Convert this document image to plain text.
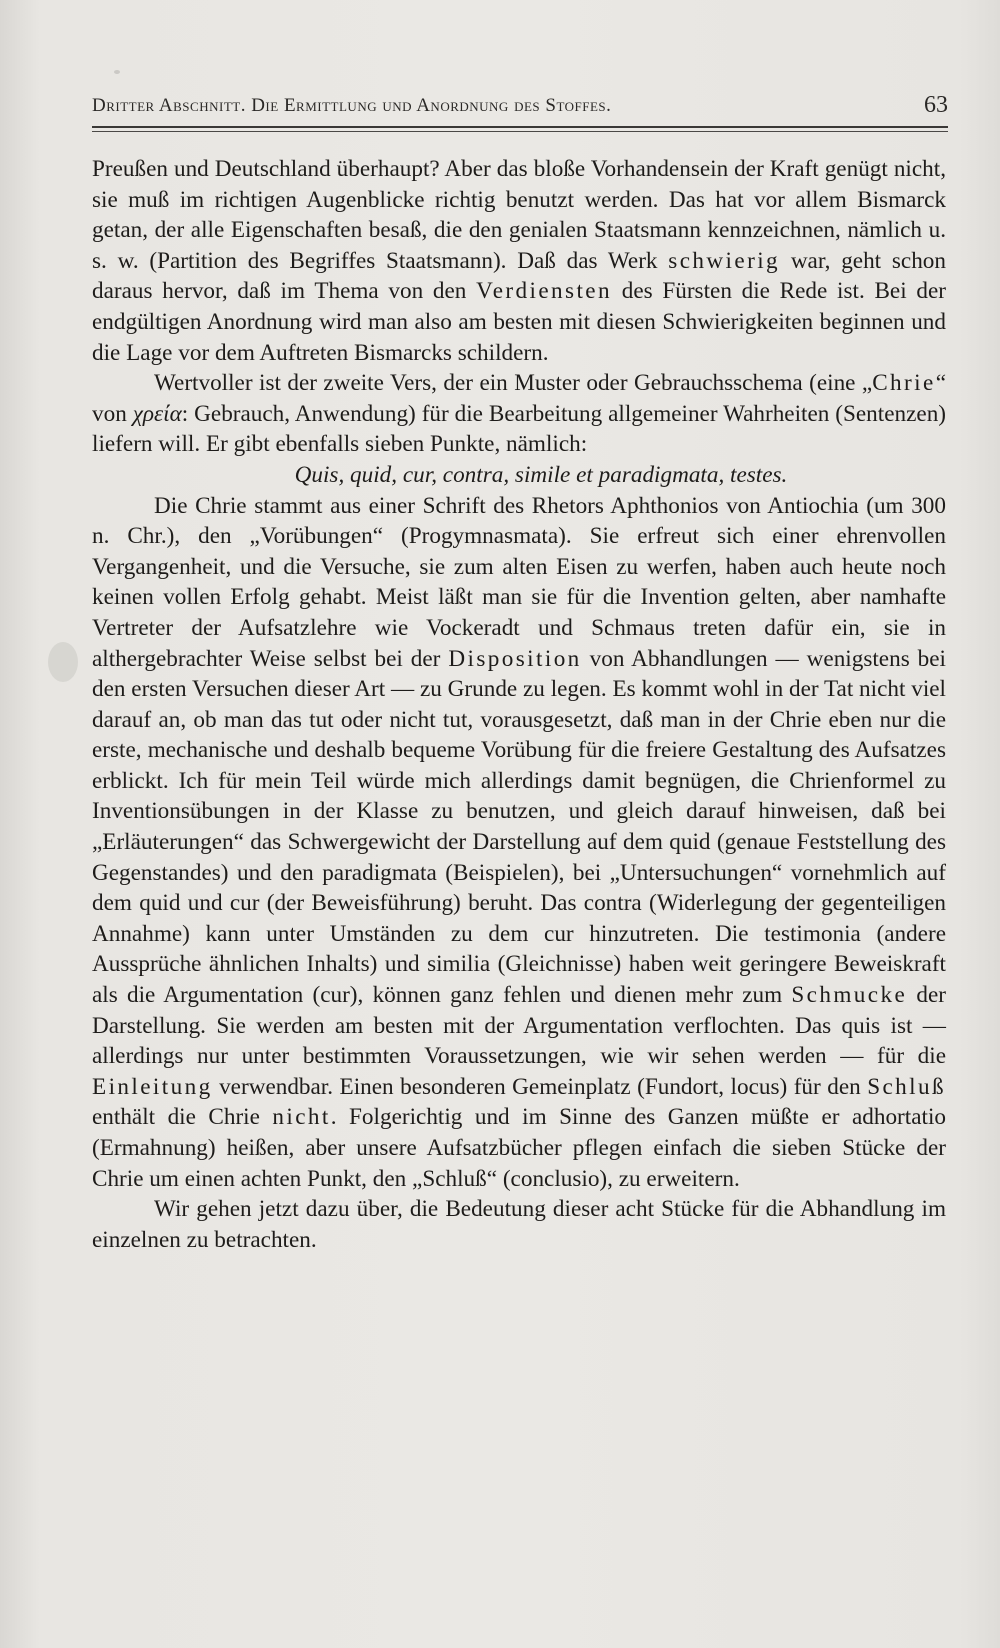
Dritter Abschnitt. Die Ermittlung und Anordnung des Stoffes.	63

Preußen und Deutschland überhaupt? Aber das bloße Vorhandensein der Kraft genügt nicht, sie muß im richtigen Augenblicke richtig benutzt werden. Das hat vor allem Bismarck getan, der alle Eigenschaften besaß, die den genialen Staatsmann kennzeichnen, nämlich u. s. w. (Partition des Begriffes Staatsmann). Daß das Werk schwierig war, geht schon daraus hervor, daß im Thema von den Verdiensten des Fürsten die Rede ist. Bei der endgültigen Anordnung wird man also am besten mit diesen Schwierigkeiten beginnen und die Lage vor dem Auftreten Bismarcks schildern.

Wertvoller ist der zweite Vers, der ein Muster oder Gebrauchsschema (eine „Chrie“ von χρεία: Gebrauch, Anwendung) für die Bearbeitung allgemeiner Wahrheiten (Sentenzen) liefern will. Er gibt ebenfalls sieben Punkte, nämlich:

Quis, quid, cur, contra, simile et paradigmata, testes.

Die Chrie stammt aus einer Schrift des Rhetors Aphthonios von Antiochia (um 300 n. Chr.), den „Vorübungen“ (Progymnasmata). Sie erfreut sich einer ehrenvollen Vergangenheit, und die Versuche, sie zum alten Eisen zu werfen, haben auch heute noch keinen vollen Erfolg gehabt. Meist läßt man sie für die Invention gelten, aber namhafte Vertreter der Aufsatzlehre wie Vockeradt und Schmaus treten dafür ein, sie in althergebrachter Weise selbst bei der Disposition von Abhandlungen — wenigstens bei den ersten Versuchen dieser Art — zu Grunde zu legen. Es kommt wohl in der Tat nicht viel darauf an, ob man das tut oder nicht tut, vorausgesetzt, daß man in der Chrie eben nur die erste, mechanische und deshalb bequeme Vorübung für die freiere Gestaltung des Aufsatzes erblickt. Ich für mein Teil würde mich allerdings damit begnügen, die Chrienformel zu Inventionsübungen in der Klasse zu benutzen, und gleich darauf hinweisen, daß bei „Erläuterungen“ das Schwergewicht der Darstellung auf dem quid (genaue Feststellung des Gegenstandes) und den paradigmata (Beispielen), bei „Untersuchungen“ vornehmlich auf dem quid und cur (der Beweisführung) beruht. Das contra (Widerlegung der gegenteiligen Annahme) kann unter Umständen zu dem cur hinzutreten. Die testimonia (andere Aussprüche ähnlichen Inhalts) und similia (Gleichnisse) haben weit geringere Beweiskraft als die Argumentation (cur), können ganz fehlen und dienen mehr zum Schmucke der Darstellung. Sie werden am besten mit der Argumentation verflochten. Das quis ist — allerdings nur unter bestimmten Voraussetzungen, wie wir sehen werden — für die Einleitung verwendbar. Einen besonderen Gemeinplatz (Fundort, locus) für den Schluß enthält die Chrie nicht. Folgerichtig und im Sinne des Ganzen müßte er adhortatio (Ermahnung) heißen, aber unsere Aufsatzbücher pflegen einfach die sieben Stücke der Chrie um einen achten Punkt, den „Schluß“ (conclusio), zu erweitern.

Wir gehen jetzt dazu über, die Bedeutung dieser acht Stücke für die Abhandlung im einzelnen zu betrachten.
